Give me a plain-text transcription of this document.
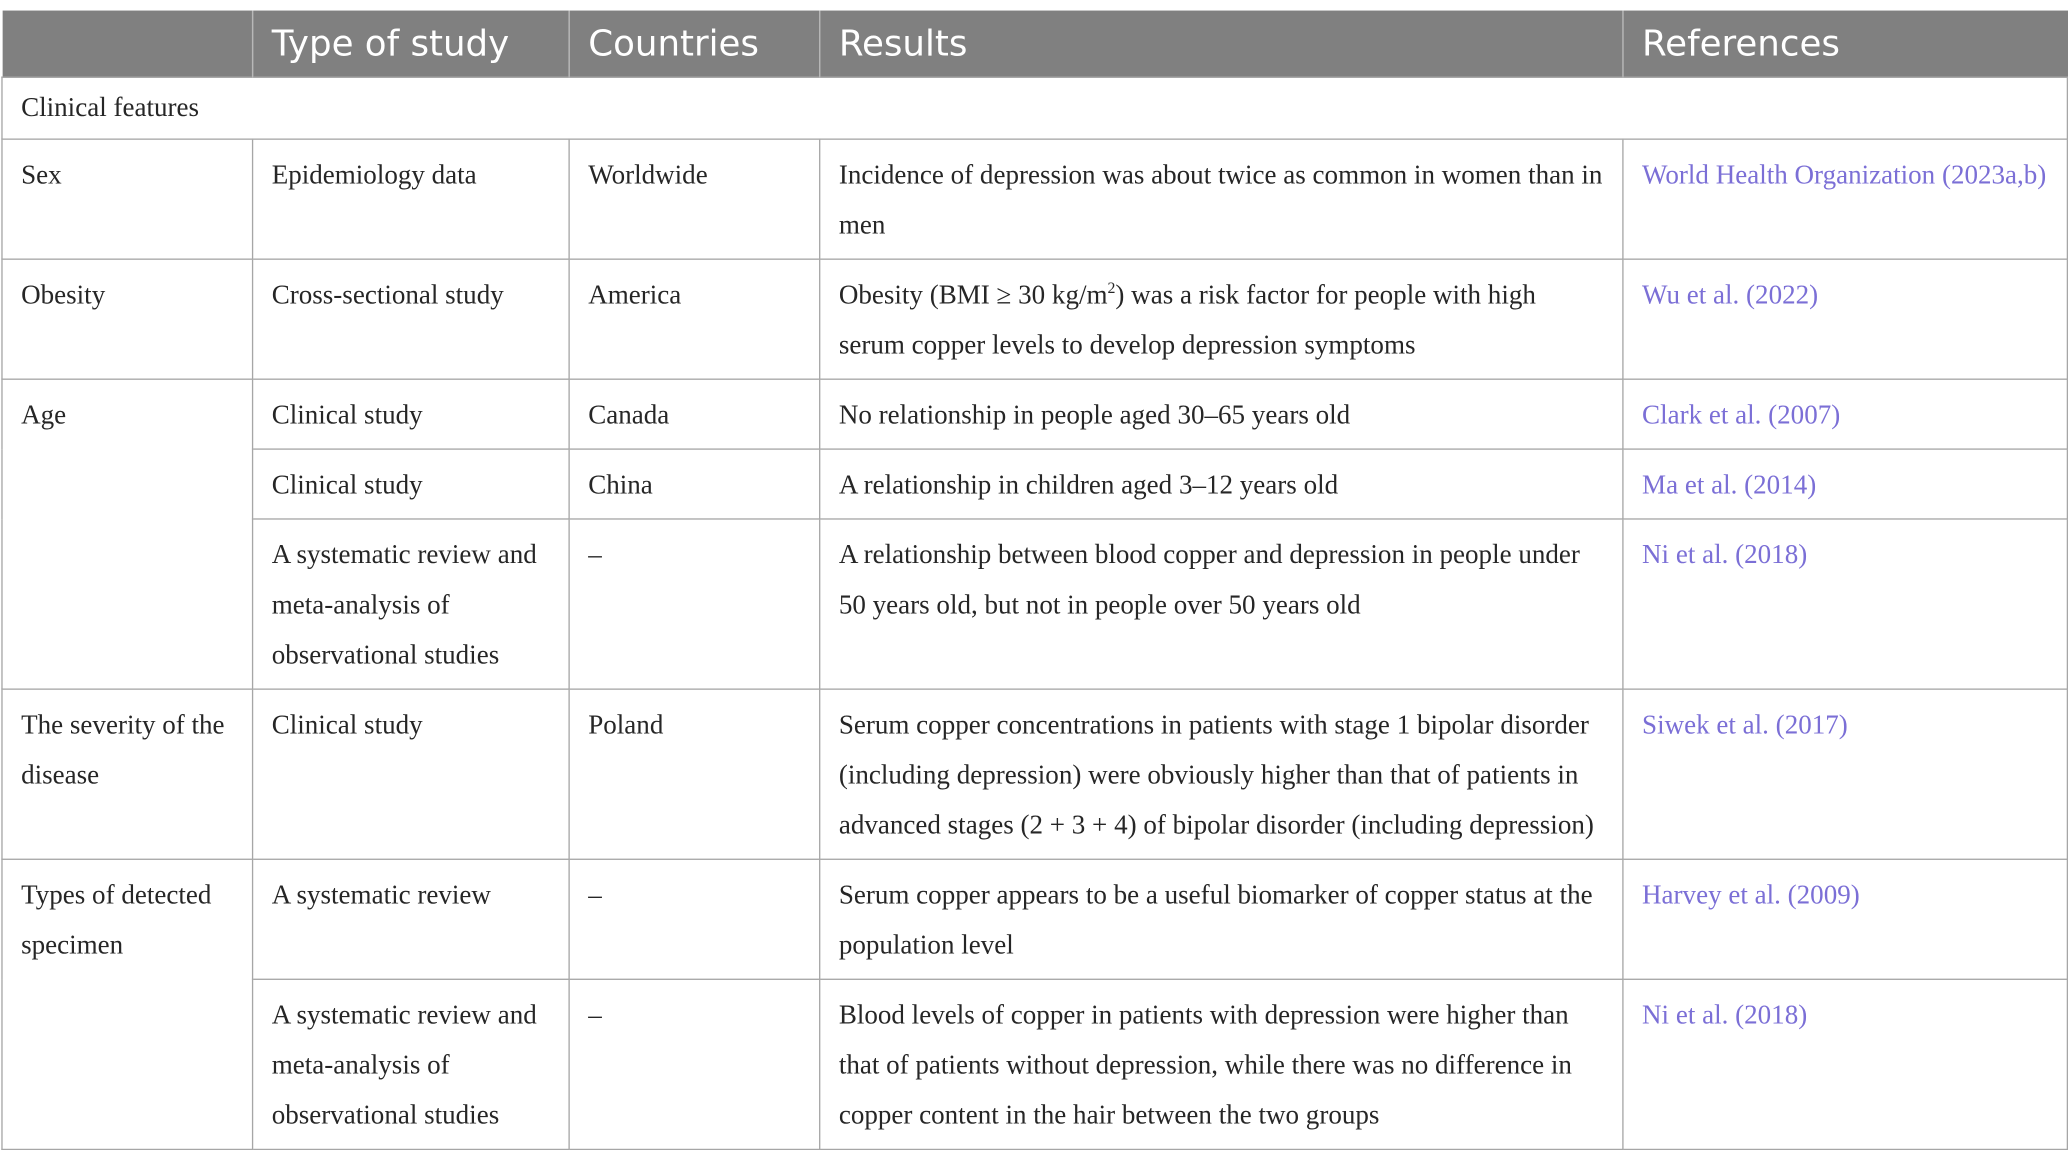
	Type of study	Countries	Results	References
Clinical features				
Sex	Epidemiology data	Worldwide	Incidence of depression was about twice as common in women than in men	World Health Organization (2023a,b)
Obesity	Cross-sectional study	America	Obesity (BMI ≥ 30 $kg/m^2$) was a risk factor for people with high serum copper levels to develop depression symptoms	Wu et al. (2022)
Age	Clinical study	Canada	No relationship in people aged 30–65 years old	Clark et al. (2007)
	Clinical study	China	A relationship in children aged 3–12 years old	Ma et al. (2014)
	A systematic review and meta-analysis of observational studies	–	A relationship between blood copper and depression in people under 50 years old, but not in people over 50 years old	Ni et al. (2018)
The severity of the disease	Clinical study	Poland	Serum copper concentrations in patients with stage 1 bipolar disorder (including depression) were obviously higher than that of patients in advanced stages (2 + 3 + 4) of bipolar disorder (including depression)	Siwek et al. (2017)
Types of detected specimen	A systematic review	–	Serum copper appears to be a useful biomarker of copper status at the population level	Harvey et al. (2009)
	A systematic review and meta-analysis of observational studies	–	Blood levels of copper in patients with depression were higher than that of patients without depression, while there was no difference in copper content in the hair between the two groups	Ni et al. (2018)
